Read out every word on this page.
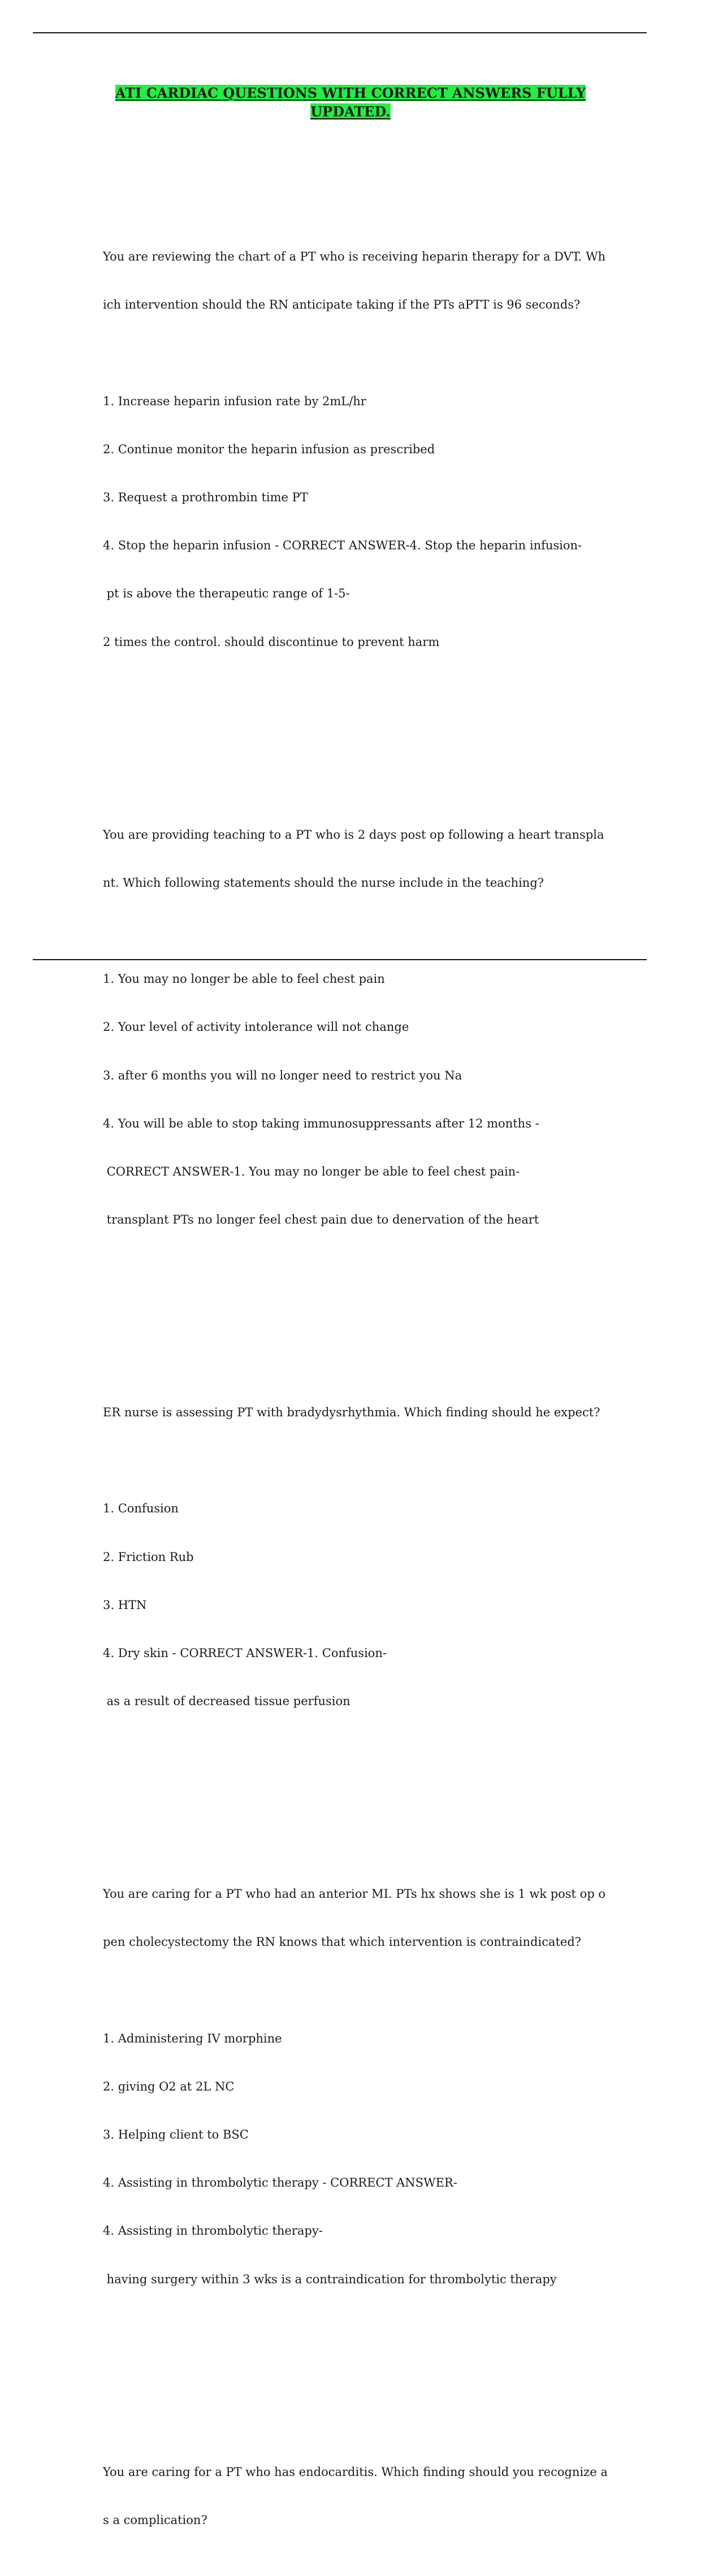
ATI CARDIAC QUESTIONS WITH CORRECT ANSWERS FULLY
UPDATED.

You are reviewing the chart of a PT who is receiving heparin therapy for a DVT. Wh

ich intervention should the RN anticipate taking if the PTs aPTT is 96 seconds?

1. Increase heparin infusion rate by 2mL/hr

2. Continue monitor the heparin infusion as prescribed

3. Request a prothrombin time PT

4. Stop the heparin infusion - CORRECT ANSWER-4. Stop the heparin infusion-

pt is above the therapeutic range of 1-5-

2 times the control. should discontinue to prevent harm

You are providing teaching to a PT who is 2 days post op following a heart transpla

nt. Which following statements should the nurse include in the teaching?

1. You may no longer be able to feel chest pain

2. Your level of activity intolerance will not change

3. after 6 months you will no longer need to restrict you Na

4. You will be able to stop taking immunosuppressants after 12 months -

CORRECT ANSWER-1. You may no longer be able to feel chest pain-

transplant PTs no longer feel chest pain due to denervation of the heart

ER nurse is assessing PT with bradydysrhythmia. Which finding should he expect?

1. Confusion

2. Friction Rub

3. HTN

4. Dry skin - CORRECT ANSWER-1. Confusion-

as a result of decreased tissue perfusion

You are caring for a PT who had an anterior MI. PTs hx shows she is 1 wk post op o

pen cholecystectomy the RN knows that which intervention is contraindicated?

1. Administering IV morphine

2. giving O2 at 2L NC

3. Helping client to BSC

4. Assisting in thrombolytic therapy - CORRECT ANSWER-

4. Assisting in thrombolytic therapy-

having surgery within 3 wks is a contraindication for thrombolytic therapy

You are caring for a PT who has endocarditis. Which finding should you recognize a

s a complication?
